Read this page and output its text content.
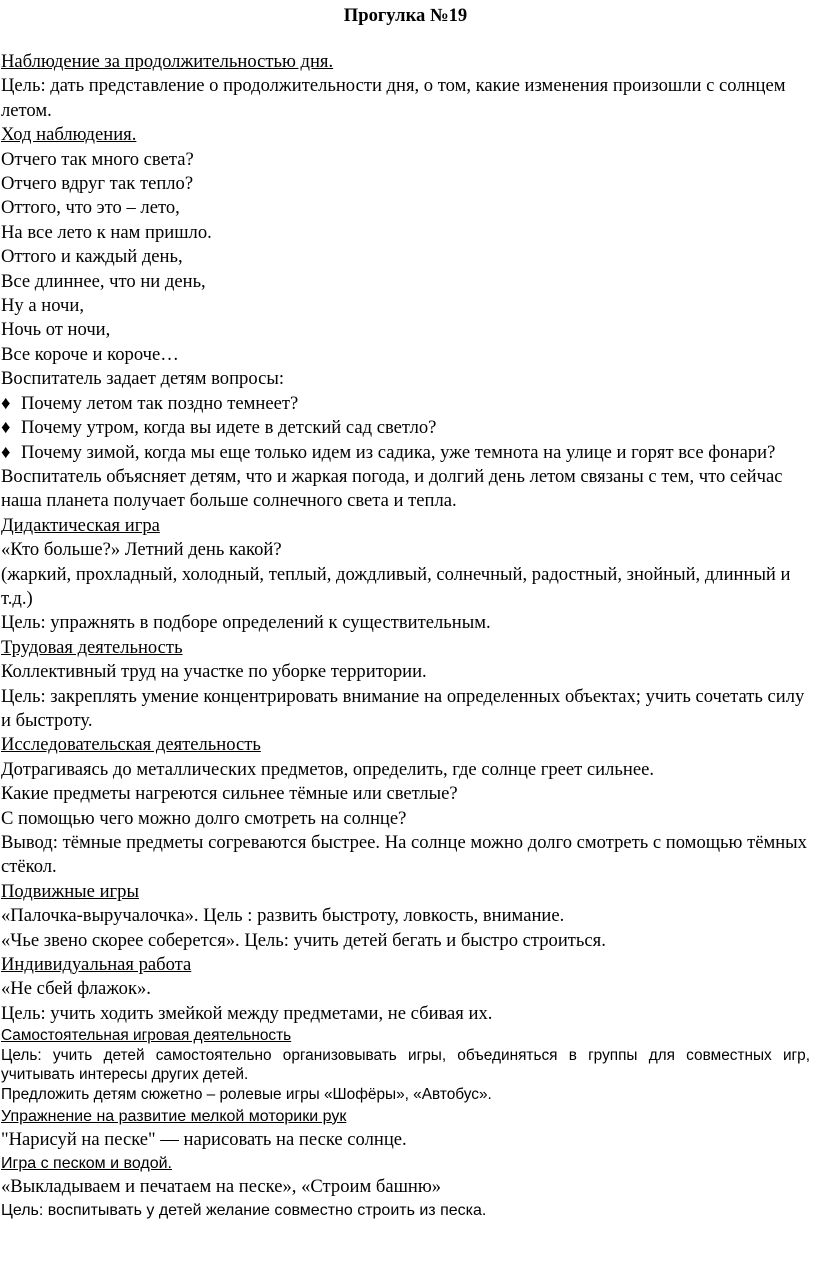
Прогулка №19

Наблюдение за продолжительностью дня.

Цель: дать представление о продолжительности дня, о том, какие изменения произошли с солнцем летом.

Ход наблюдения.

Отчего так много света?

Отчего вдруг так тепло?

Оттого, что это – лето,

На все лето к нам пришло.

Оттого и каждый день,

Все длиннее, что ни день,

Ну а ночи,

Ночь от ночи,

Все короче и короче…

Воспитатель задает детям вопросы:

♦ Почему летом так поздно темнеет?

♦ Почему утром, когда вы идете в детский сад светло?

♦ Почему зимой, когда мы еще только идем из садика, уже темнота на улице и горят все фонари?

Воспитатель объясняет детям, что и жаркая погода, и долгий день летом связаны с тем, что сейчас наша планета получает больше солнечного света и тепла.

Дидактическая игра

«Кто больше?» Летний день какой?

(жаркий, прохладный, холодный, теплый, дождливый, солнечный, радостный, знойный, длинный и т.д.)

Цель: упражнять в подборе определений к существительным.

Трудовая деятельность

Коллективный труд на участке по уборке территории.

Цель: закреплять умение концентрировать внимание на определенных объектах; учить сочетать силу и быстроту.

Исследовательская деятельность

Дотрагиваясь до металлических предметов, определить, где солнце греет сильнее.

Какие предметы нагреются сильнее тёмные или светлые?

С помощью чего можно долго смотреть на солнце?

Вывод: тёмные предметы согреваются быстрее. На солнце можно долго смотреть с помощью тёмных стёкол.

Подвижные игры

«Палочка-выручалочка». Цель : развить быстроту, ловкость, внимание.

«Чье звено скорее соберется». Цель: учить детей бегать и быстро строиться.

Индивидуальная работа

«Не сбей флажок».

Цель: учить ходить змейкой между предметами, не сбивая их.

Самостоятельная игровая деятельность

Цель: учить детей самостоятельно организовывать игры, объединяться в группы для совместных игр, учитывать интересы других детей.

Предложить детям сюжетно – ролевые игры «Шофёры», «Автобус».

Упражнение на развитие мелкой моторики рук

"Нарисуй на песке" — нарисовать на песке солнце.

Игра с песком и водой.

«Выкладываем и печатаем на песке», «Строим башню»

Цель: воспитывать у детей желание совместно строить из песка.
